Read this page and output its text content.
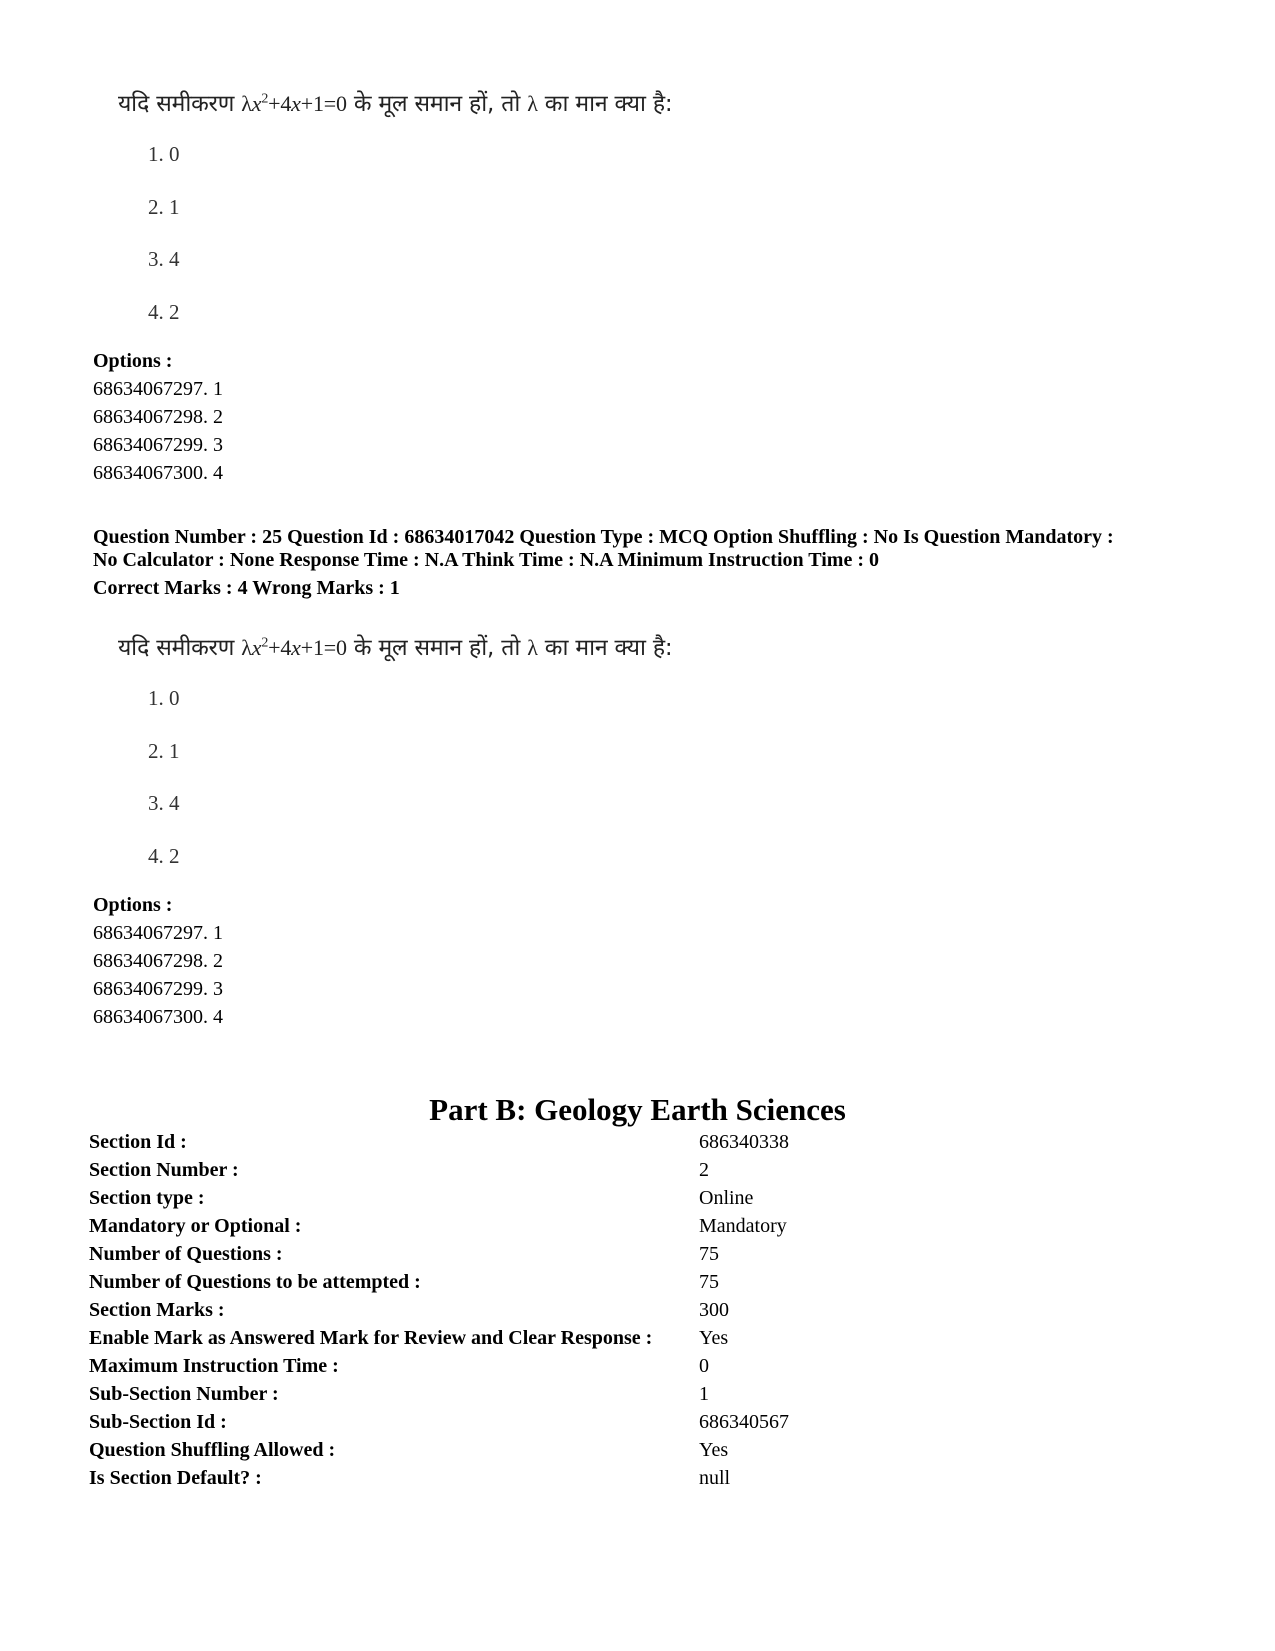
यदि समीकरण $\lambda x^2+4x+1=0$ के मूल समान हों, तो λ का मान क्या है:
1. 0
2. 1
3. 4
4. 2
Options :
68634067297. 1
68634067298. 2
68634067299. 3
68634067300. 4
Question Number : 25 Question Id : 68634017042 Question Type : MCQ Option Shuffling : No Is Question Mandatory :
No Calculator : None Response Time : N.A Think Time : N.A Minimum Instruction Time : 0
Correct Marks : 4 Wrong Marks : 1
यदि समीकरण $\lambda x^2+4x+1=0$ के मूल समान हों, तो λ का मान क्या है:
1. 0
2. 1
3. 4
4. 2
Options :
68634067297. 1
68634067298. 2
68634067299. 3
68634067300. 4
Part B: Geology Earth Sciences
Section Id :	686340338
Section Number :	2
Section type :	Online
Mandatory or Optional :	Mandatory
Number of Questions :	75
Number of Questions to be attempted :	75
Section Marks :	300
Enable Mark as Answered Mark for Review and Clear Response : Yes
Maximum Instruction Time :	0
Sub-Section Number :	1
Sub-Section Id :	686340567
Question Shuffling Allowed :	Yes
Is Section Default? :	null
